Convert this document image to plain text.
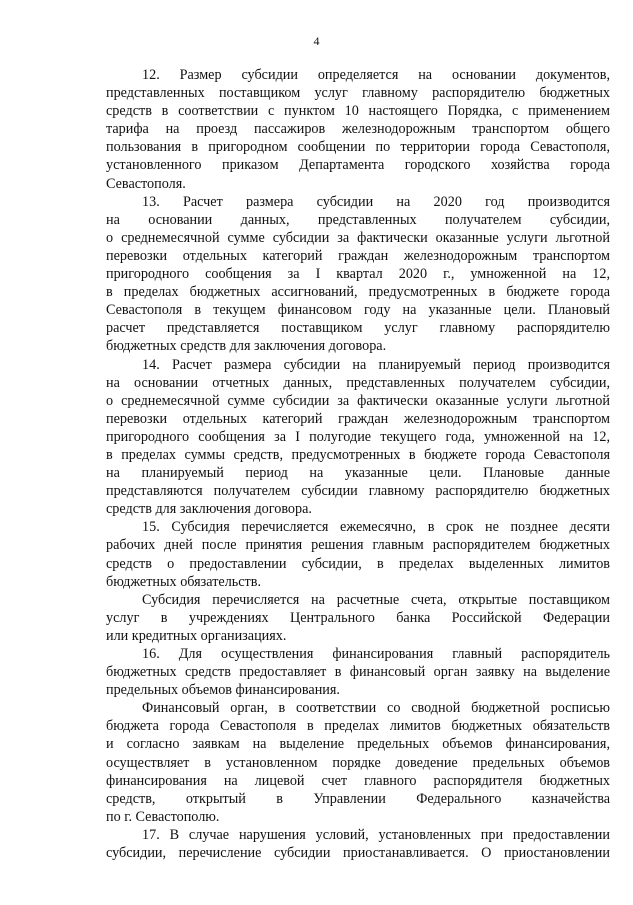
4
12. Размер субсидии определяется на основании документов,
представленных поставщиком услуг главному распорядителю бюджетных
средств в соответствии с пунктом 10 настоящего Порядка, с применением
тарифа на проезд пассажиров железнодорожным транспортом общего
пользования в пригородном сообщении по территории города Севастополя,
установленного приказом Департамента городского хозяйства города
Севастополя.
13. Расчет размера субсидии на 2020 год производится
на основании данных, представленных получателем субсидии,
о среднемесячной сумме субсидии за фактически оказанные услуги льготной
перевозки отдельных категорий граждан железнодорожным транспортом
пригородного сообщения за I квартал 2020 г., умноженной на 12,
в пределах бюджетных ассигнований, предусмотренных в бюджете города
Севастополя в текущем финансовом году на указанные цели. Плановый
расчет представляется поставщиком услуг главному распорядителю
бюджетных средств для заключения договора.
14. Расчет размера субсидии на планируемый период производится
на основании отчетных данных, представленных получателем субсидии,
о среднемесячной сумме субсидии за фактически оказанные услуги льготной
перевозки отдельных категорий граждан железнодорожным транспортом
пригородного сообщения за I полугодие текущего года, умноженной на 12,
в пределах суммы средств, предусмотренных в бюджете города Севастополя
на планируемый период на указанные цели. Плановые данные
представляются получателем субсидии главному распорядителю бюджетных
средств для заключения договора.
15. Субсидия перечисляется ежемесячно, в срок не позднее десяти
рабочих дней после принятия решения главным распорядителем бюджетных
средств о предоставлении субсидии, в пределах выделенных лимитов
бюджетных обязательств.
Субсидия перечисляется на расчетные счета, открытые поставщиком
услуг в учреждениях Центрального банка Российской Федерации
или кредитных организациях.
16. Для осуществления финансирования главный распорядитель
бюджетных средств предоставляет в финансовый орган заявку на выделение
предельных объемов финансирования.
Финансовый орган, в соответствии со сводной бюджетной росписью
бюджета города Севастополя в пределах лимитов бюджетных обязательств
и согласно заявкам на выделение предельных объемов финансирования,
осуществляет в установленном порядке доведение предельных объемов
финансирования на лицевой счет главного распорядителя бюджетных
средств, открытый в Управлении Федерального казначейства
по г. Севастополю.
17. В случае нарушения условий, установленных при предоставлении
субсидии, перечисление субсидии приостанавливается. О приостановлении
